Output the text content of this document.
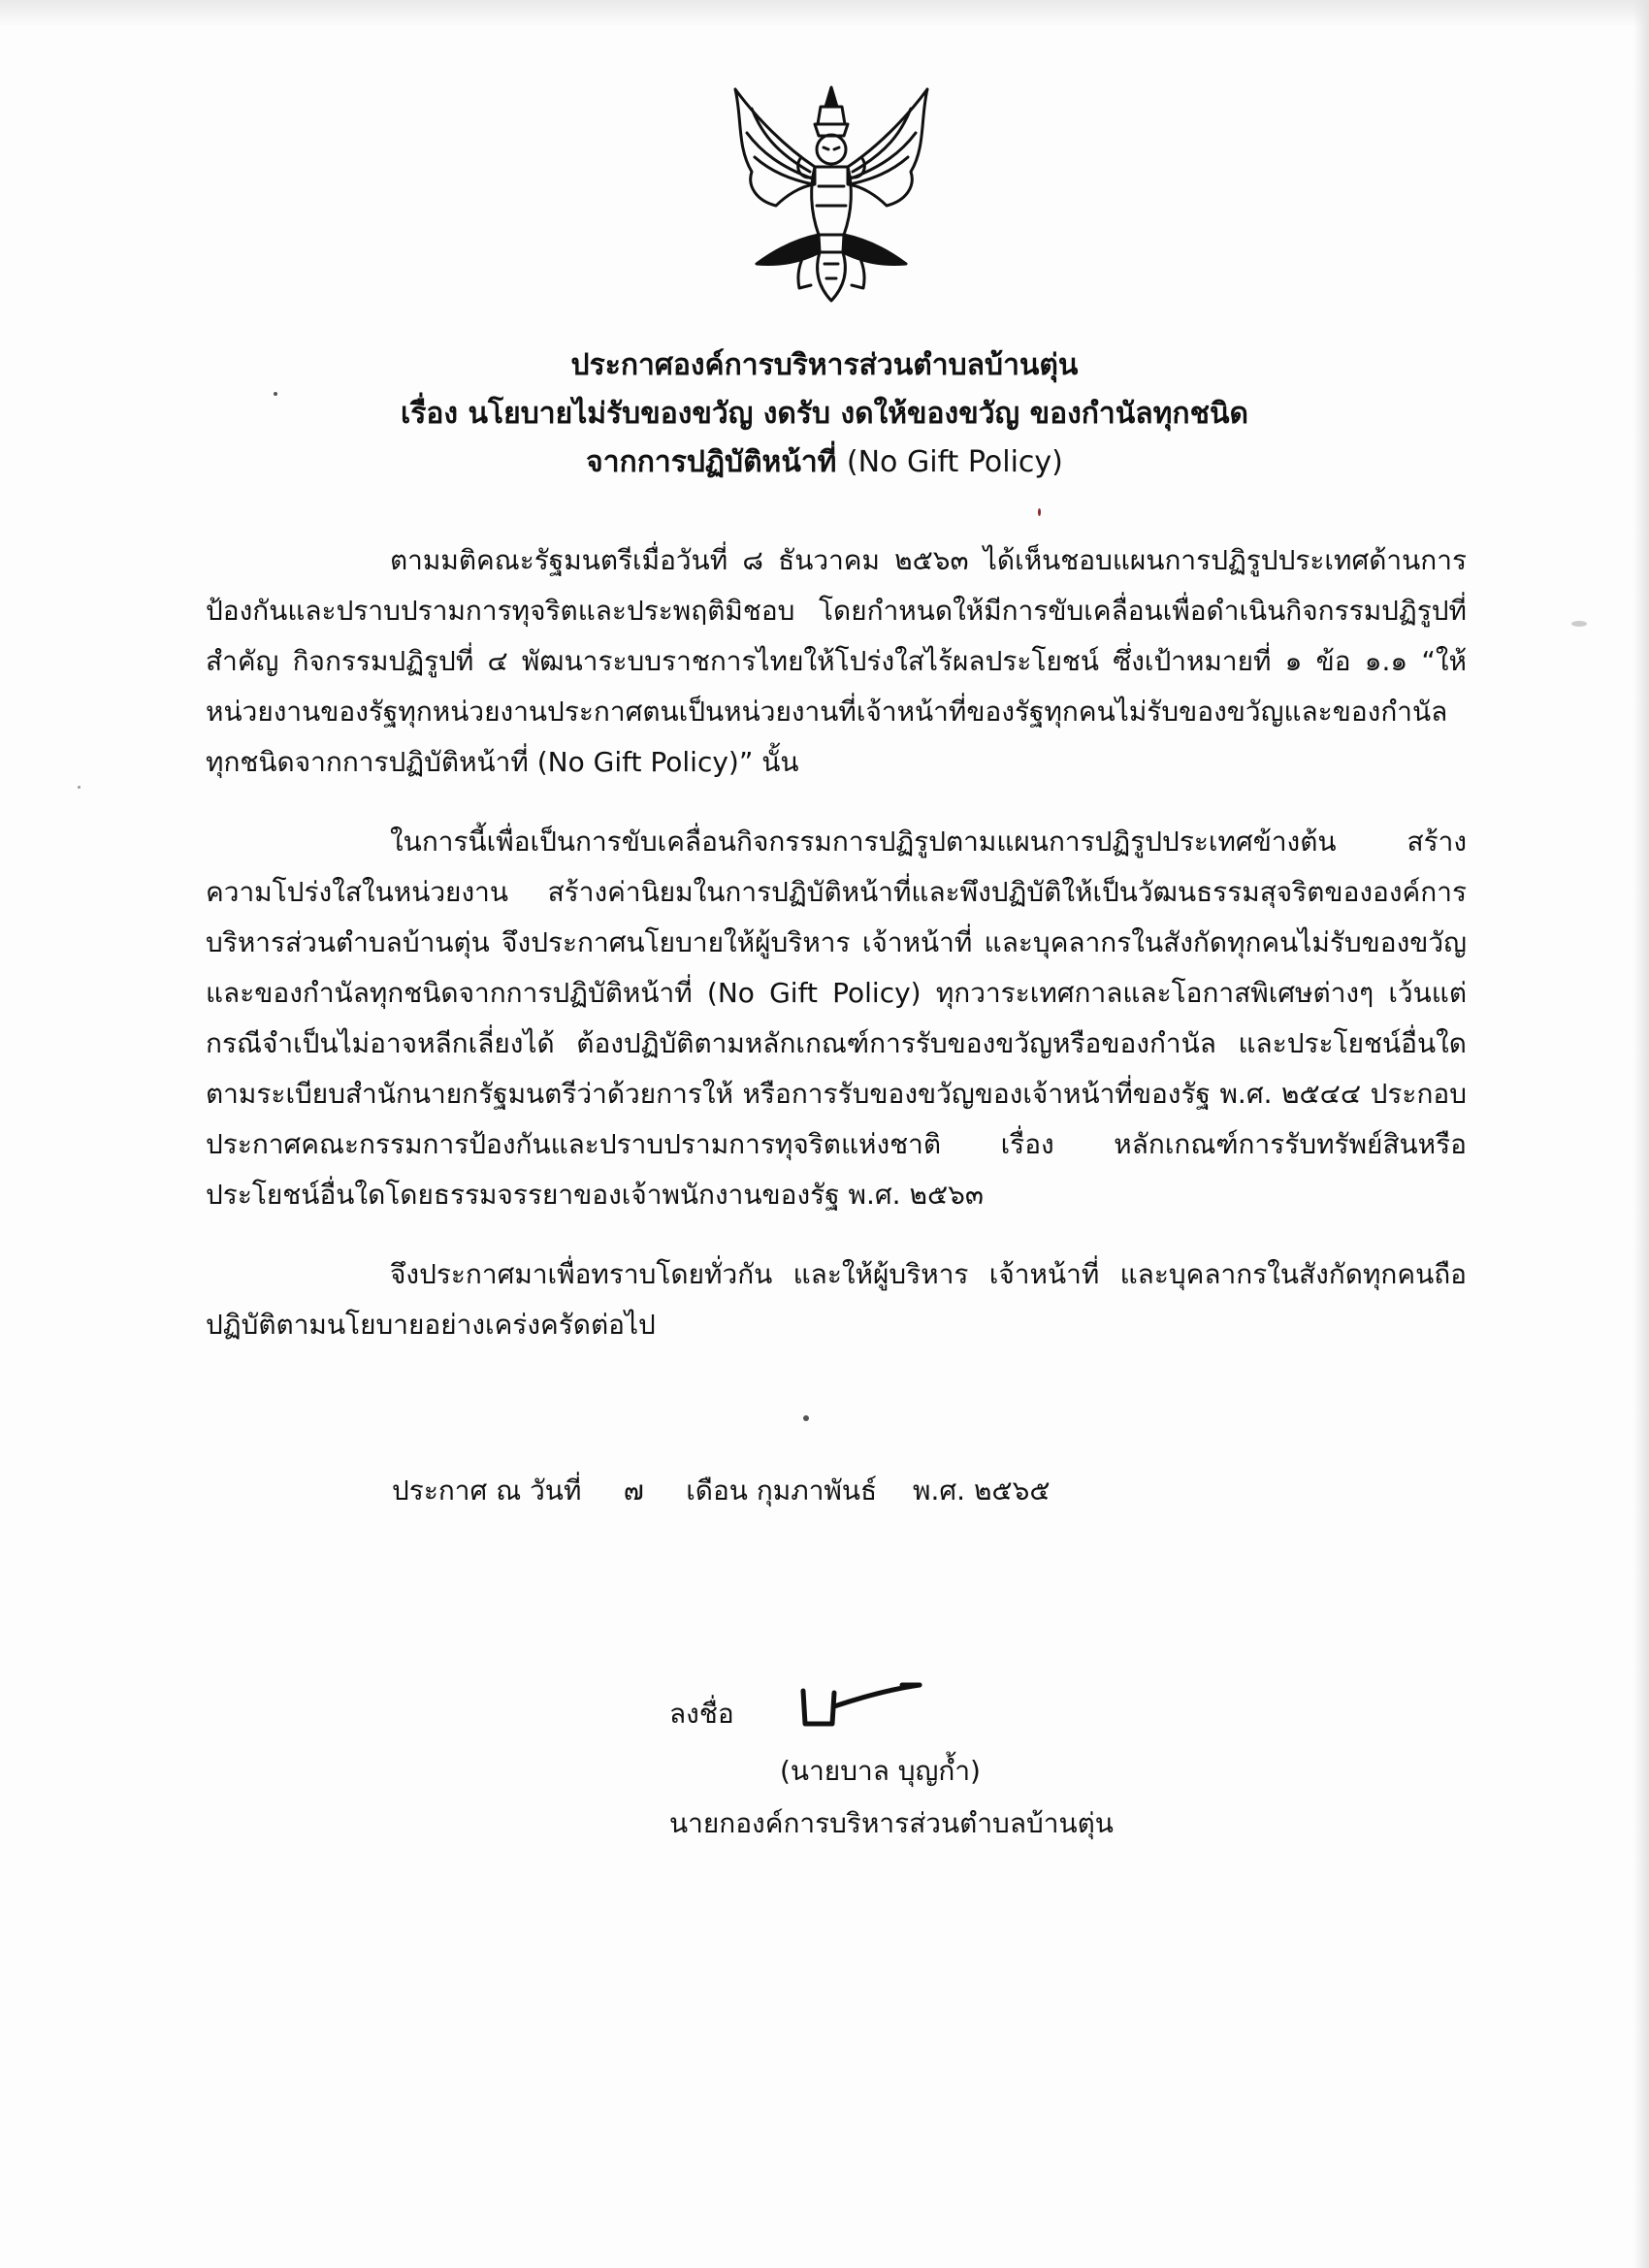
ประกาศองค์การบริหารส่วนตำบลบ้านตุ่น
เรื่อง นโยบายไม่รับของขวัญ งดรับ งดให้ของขวัญ ของกำนัลทุกชนิด
จากการปฏิบัติหน้าที่ (No Gift Policy)
ตามมติคณะรัฐมนตรีเมื่อวันที่ ๘ ธันวาคม ๒๕๖๓ ได้เห็นชอบแผนการปฏิรูปประเทศด้านการ
ป้องกันและปราบปรามการทุจริตและประพฤติมิชอบ โดยกำหนดให้มีการขับเคลื่อนเพื่อดำเนินกิจกรรมปฏิรูปที่
สำคัญ กิจกรรมปฏิรูปที่ ๔ พัฒนาระบบราชการไทยให้โปร่งใสไร้ผลประโยชน์ ซึ่งเป้าหมายที่ ๑ ข้อ ๑.๑ “ให้
หน่วยงานของรัฐทุกหน่วยงานประกาศตนเป็นหน่วยงานที่เจ้าหน้าที่ของรัฐทุกคนไม่รับของขวัญและของกำนัล
ทุกชนิดจากการปฏิบัติหน้าที่ (No Gift Policy)” นั้น
ในการนี้เพื่อเป็นการขับเคลื่อนกิจกรรมการปฏิรูปตามแผนการปฏิรูปประเทศข้างต้น สร้าง
ความโปร่งใสในหน่วยงาน สร้างค่านิยมในการปฏิบัติหน้าที่และพึงปฏิบัติให้เป็นวัฒนธรรมสุจริตขององค์การ
บริหารส่วนตำบลบ้านตุ่น จึงประกาศนโยบายให้ผู้บริหาร เจ้าหน้าที่ และบุคลากรในสังกัดทุกคนไม่รับของขวัญ
และของกำนัลทุกชนิดจากการปฏิบัติหน้าที่ (No Gift Policy) ทุกวาระเทศกาลและโอกาสพิเศษต่างๆ เว้นแต่
กรณีจำเป็นไม่อาจหลีกเลี่ยงได้ ต้องปฏิบัติตามหลักเกณฑ์การรับของขวัญหรือของกำนัล และประโยชน์อื่นใด
ตามระเบียบสำนักนายกรัฐมนตรีว่าด้วยการให้ หรือการรับของขวัญของเจ้าหน้าที่ของรัฐ พ.ศ. ๒๕๔๔ ประกอบ
ประกาศคณะกรรมการป้องกันและปราบปรามการทุจริตแห่งชาติ เรื่อง หลักเกณฑ์การรับทรัพย์สินหรือ
ประโยชน์อื่นใดโดยธรรมจรรยาของเจ้าพนักงานของรัฐ พ.ศ. ๒๕๖๓
จึงประกาศมาเพื่อทราบโดยทั่วกัน และให้ผู้บริหาร เจ้าหน้าที่ และบุคลากรในสังกัดทุกคนถือ
ปฏิบัติตามนโยบายอย่างเคร่งครัดต่อไป
ประกาศ ณ วันที่ ๗ เดือน กุมภาพันธ์ พ.ศ. ๒๕๖๕
ลงชื่อ
(นายบาล บุญก้ำ)
นายกองค์การบริหารส่วนตำบลบ้านตุ่น
